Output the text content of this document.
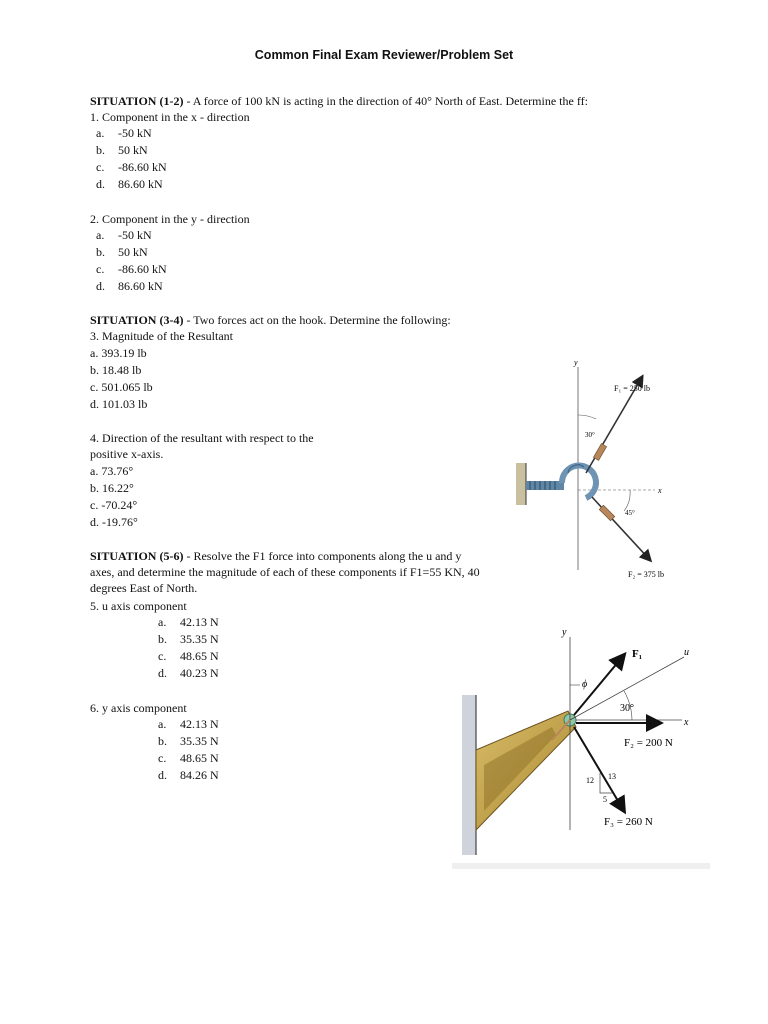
Common Final Exam Reviewer/Problem Set
SITUATION (1-2) - A force of 100 kN is acting in the direction of 40° North of East. Determine the ff:
1. Component in the x - direction
a. -50 kN
b. 50 kN
c. -86.60 kN
d. 86.60 kN
2. Component in the y - direction
a. -50 kN
b. 50 kN
c. -86.60 kN
d. 86.60 kN
SITUATION (3-4) - Two forces act on the hook. Determine the following:
3. Magnitude of the Resultant
a. 393.19 lb
b. 18.48 lb
c. 501.065 lb
d. 101.03 lb
4. Direction of the resultant with respect to the
positive x-axis.
a. 73.76°
b. 16.22°
c. -70.24°
d. -19.76°
y
x
F₁ = 250 lb
F₂ = 375 lb
30°
45°
SITUATION (5-6) - Resolve the F1 force into components along the u and y
axes, and determine the magnitude of each of these components if F1=55 KN, 40
degrees East of North.
5. u axis component
a. 42.13 N
b. 35.35 N
c. 48.65 N
d. 40.23 N
6. y axis component
a. 42.13 N
b. 35.35 N
c. 48.65 N
d. 84.26 N
y
x
u
F₁
ϕ
30°
F₂ = 200 N
F₃ = 260 N
12 13
5
